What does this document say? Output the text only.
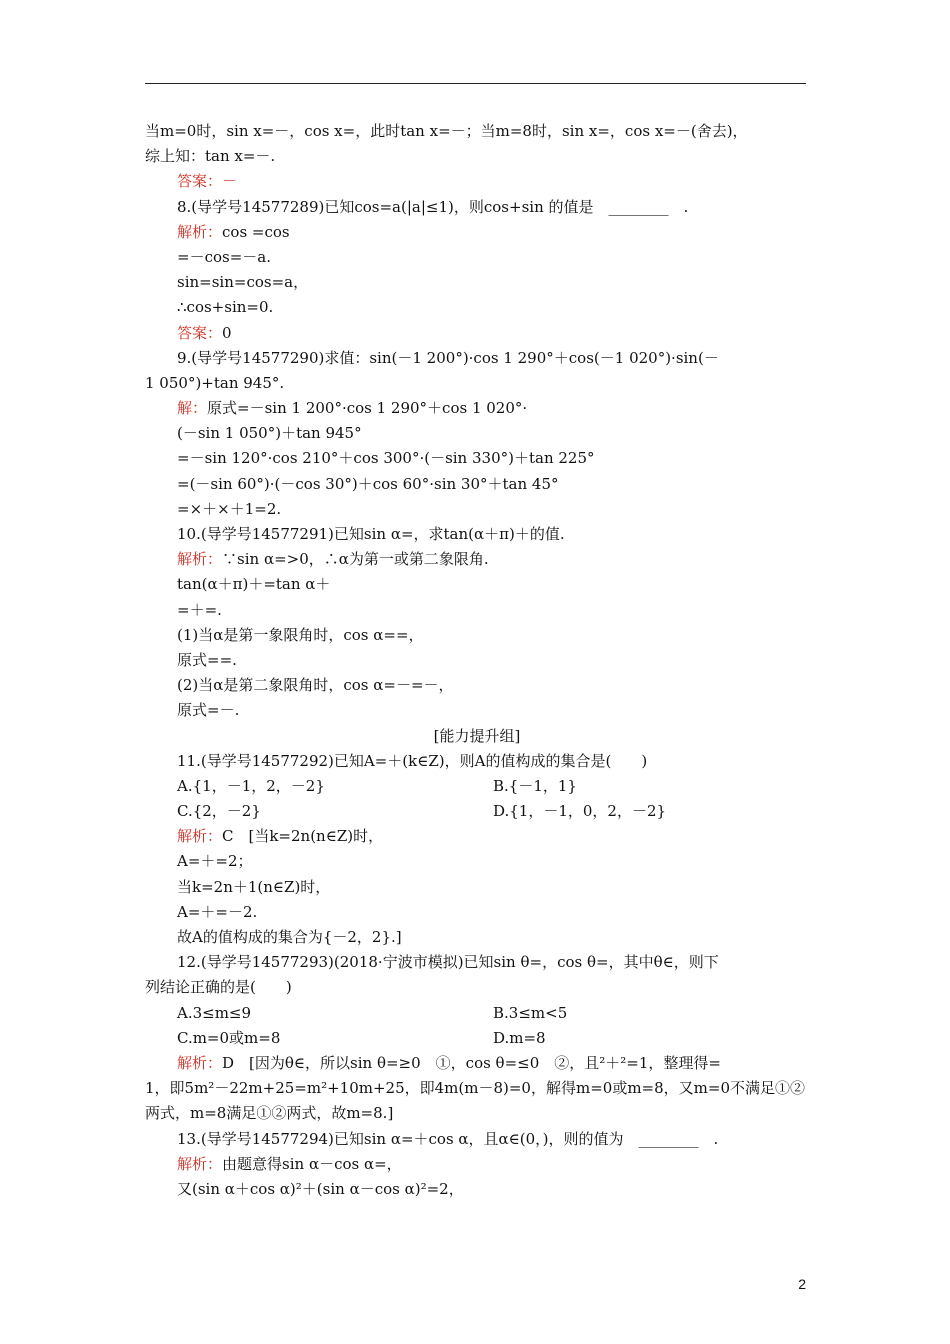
当m=0时，sin x=－，cos x=，此时tan x=－；当m=8时，sin x=，cos x=－(舍去)，
综上知：tan x=－.
答案：－
8.(导学号14577289)已知cos=a(|a|≤1)，则cos+sin 的值是　________　.
解析：cos =cos
=－cos=－a.
sin=sin=cos=a，
∴cos+sin=0.
答案：0
9.(导学号14577290)求值：sin(－1 200°)·cos 1 290°＋cos(－1 020°)·sin(－
1 050°)+tan 945°.
解：原式=－sin 1 200°·cos 1 290°＋cos 1 020°·
(－sin 1 050°)＋tan 945°
=－sin 120°·cos 210°＋cos 300°·(－sin 330°)＋tan 225°
=(－sin 60°)·(－cos 30°)＋cos 60°·sin 30°＋tan 45°
=×＋×＋1=2.
10.(导学号14577291)已知sin α=，求tan(α＋π)＋的值.
解析：∵sin α=>0，∴α为第一或第二象限角.
tan(α＋π)＋=tan α＋
=＋=.
(1)当α是第一象限角时，cos α==，
原式==.
(2)当α是第二象限角时，cos α=－=－，
原式=－.
[能力提升组]
11.(导学号14577292)已知A=＋(k∈Z)，则A的值构成的集合是(　　)
A.{1，－1，2，－2}	B.{－1，1}
C.{2，－2}	D.{1，－1，0，2，－2}
解析：C　[当k=2n(n∈Z)时，
A=＋=2；
当k=2n＋1(n∈Z)时，
A=＋=－2.
故A的值构成的集合为{－2，2}.]
12.(导学号14577293)(2018·宁波市模拟)已知sin θ=，cos θ=，其中θ∈，则下
列结论正确的是(　　)
A.3≤m≤9	B.3≤m<5
C.m=0或m=8	D.m=8
解析：D　[因为θ∈，所以sin θ=≥0　①，cos θ=≤0　②，且²＋²=1，整理得=
1，即5m²－22m+25=m²+10m+25，即4m(m－8)=0，解得m=0或m=8，又m=0不满足①②
两式，m=8满足①②两式，故m=8.]
13.(导学号14577294)已知sin α=＋cos α，且α∈(0，)，则的值为　________　.
解析：由题意得sin α－cos α=，
又(sin α＋cos α)²＋(sin α－cos α)²=2，
2
